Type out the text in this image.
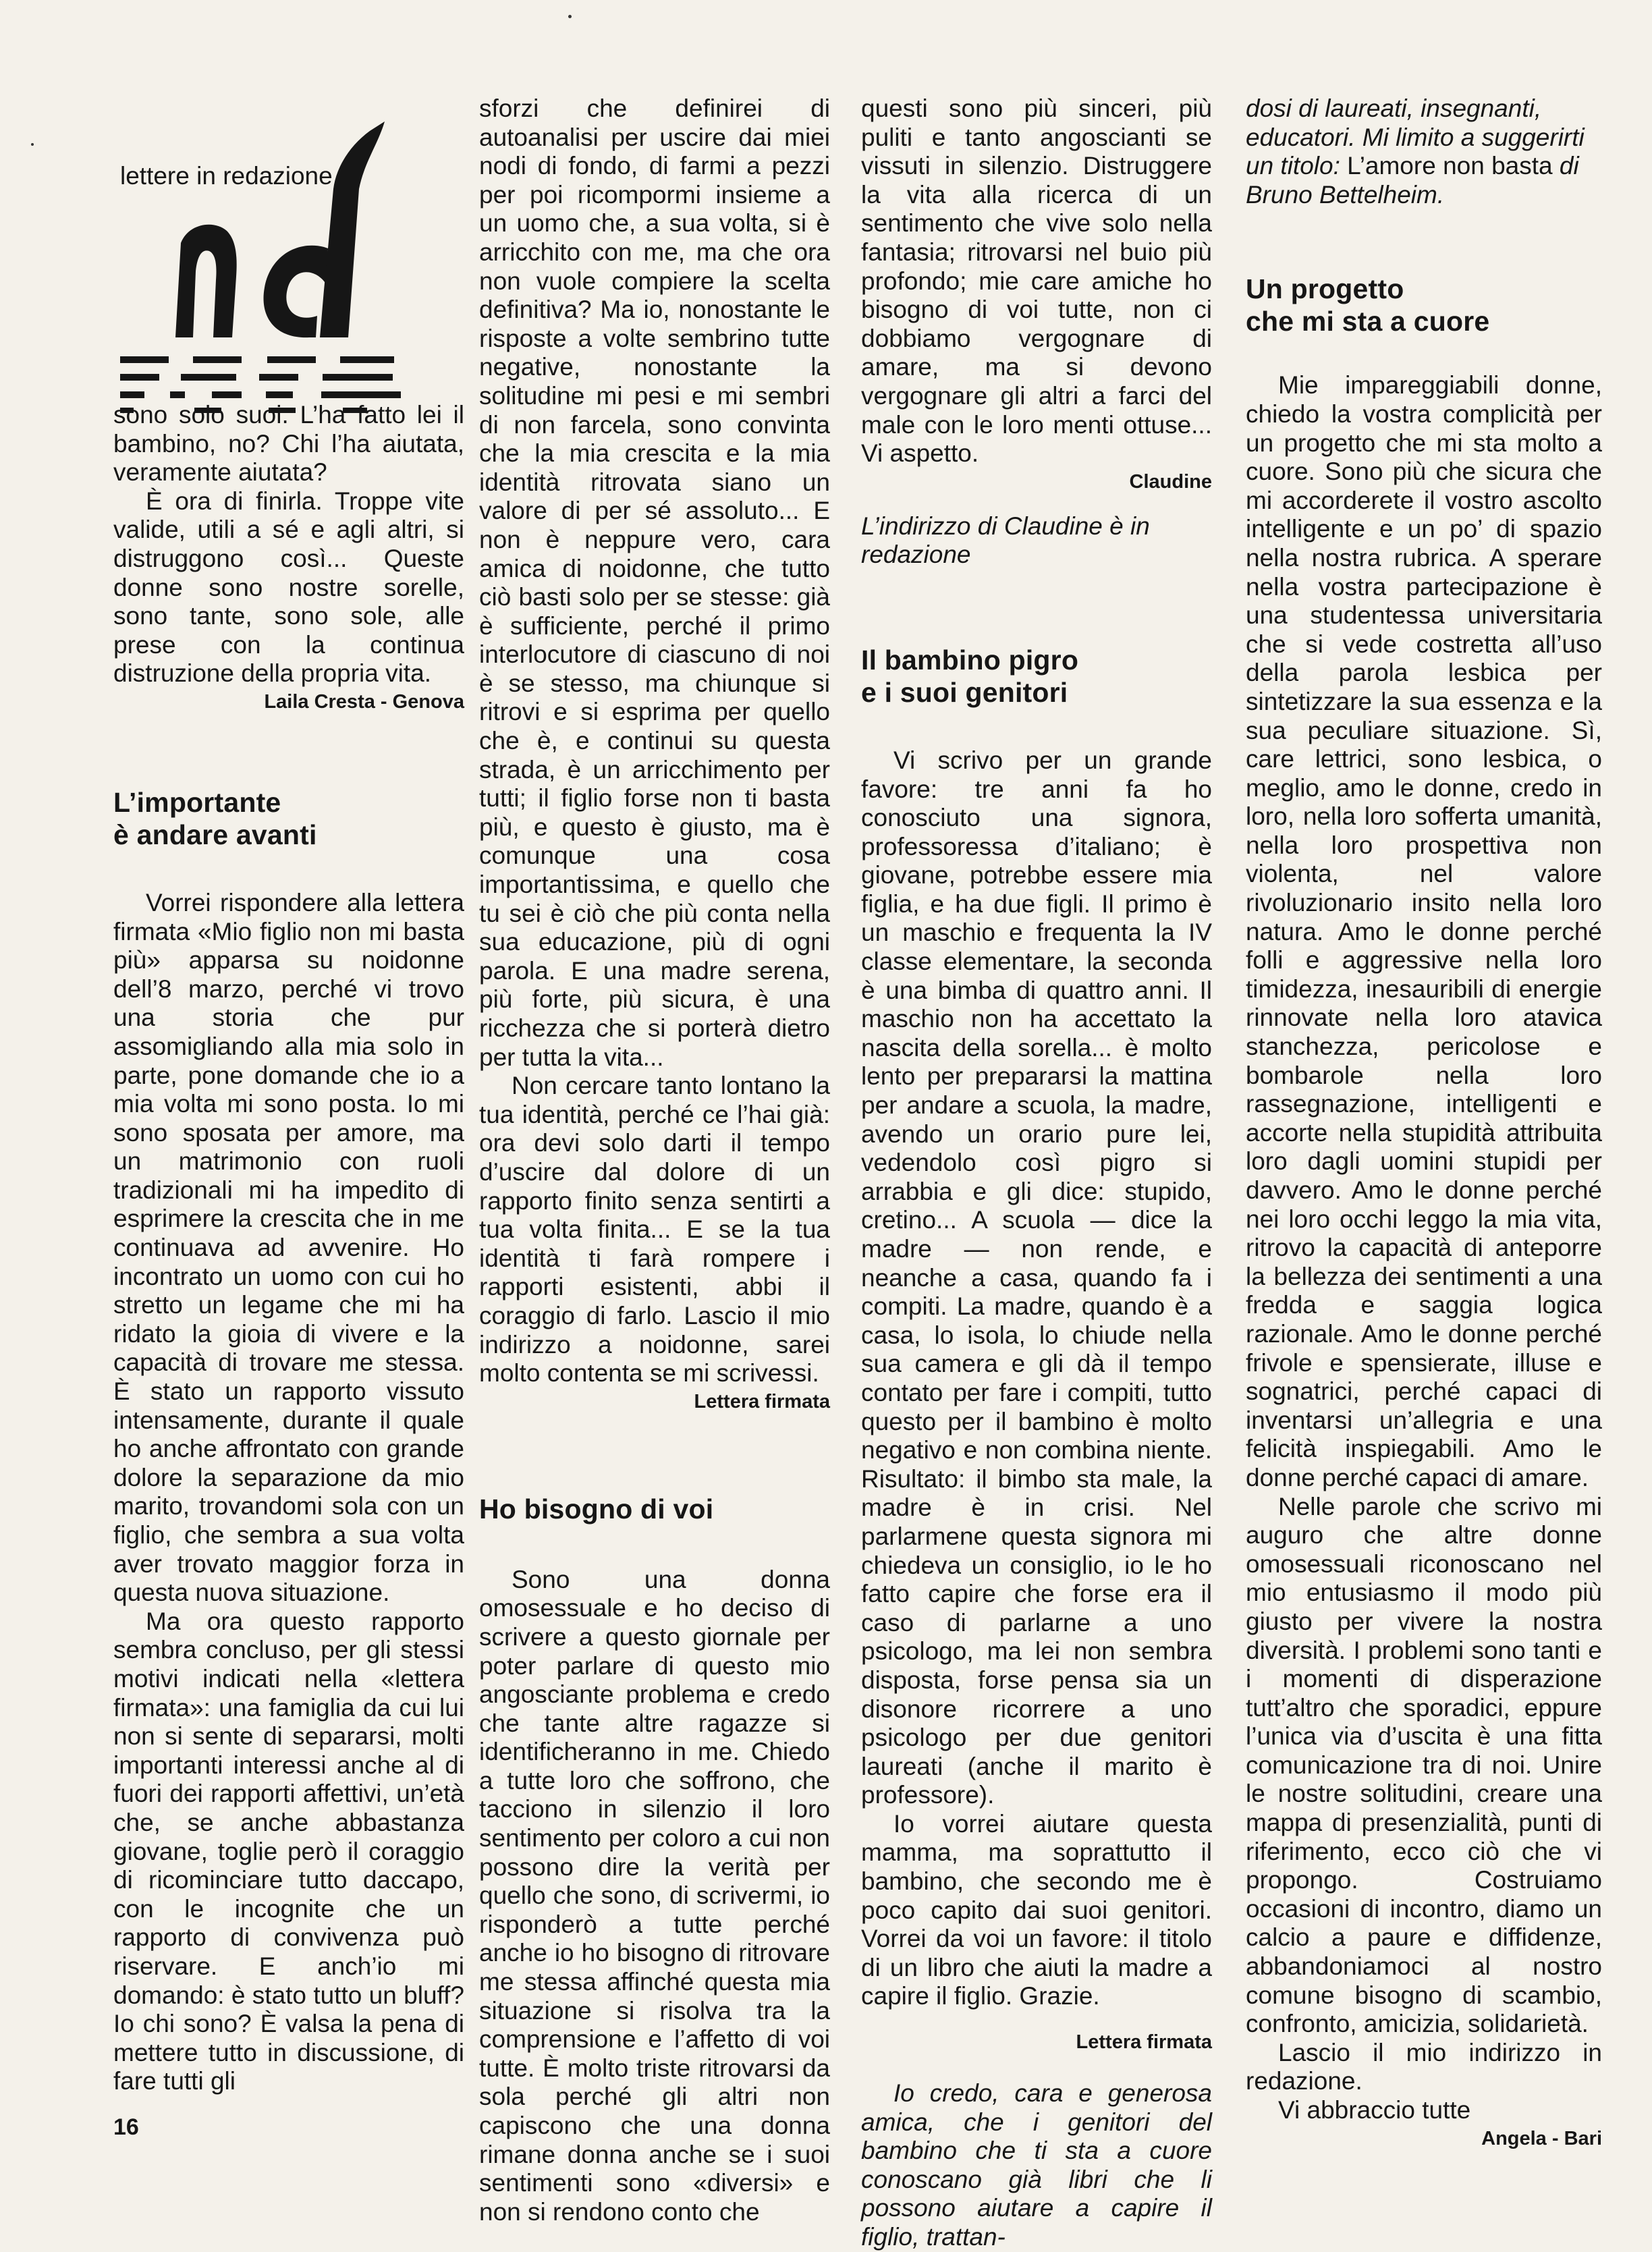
lettere in redazione

sono solo suoi. L’ha fatto lei il bambino, no? Chi l’ha aiutata, veramente aiutata?

È ora di finirla. Troppe vite valide, utili a sé e agli altri, si distruggono così... Queste donne sono nostre sorelle, sono tante, sono sole, alle prese con la continua distruzione della propria vita.

Laila Cresta - Genova
L’importante
è andare avanti

Vorrei rispondere alla lettera firmata «Mio figlio non mi basta più» apparsa su noidonne dell’8 marzo, perché vi trovo una storia che pur assomigliando alla mia solo in parte, pone domande che io a mia volta mi sono posta. Io mi sono sposata per amore, ma un matrimonio con ruoli tradizionali mi ha impedito di esprimere la crescita che in me continuava ad avvenire. Ho incontrato un uomo con cui ho stretto un legame che mi ha ridato la gioia di vivere e la capacità di trovare me stessa. È stato un rapporto vissuto intensamente, durante il quale ho anche affrontato con grande dolore la separazione da mio marito, trovandomi sola con un figlio, che sembra a sua volta aver trovato maggior forza in questa nuova situazione.

Ma ora questo rapporto sembra concluso, per gli stessi motivi indicati nella «lettera firmata»: una famiglia da cui lui non si sente di separarsi, molti importanti interessi anche al di fuori dei rapporti affettivi, un’età che, se anche abbastanza giovane, toglie però il coraggio di ricominciare tutto daccapo, con le incognite che un rapporto di convivenza può riservare. E anch’io mi domando: è stato tutto un bluff? Io chi sono? È valsa la pena di mettere tutto in discussione, di fare tutti gli

sforzi che definirei di autoanalisi per uscire dai miei nodi di fondo, di farmi a pezzi per poi ricompormi insieme a un uomo che, a sua volta, si è arricchito con me, ma che ora non vuole compiere la scelta definitiva? Ma io, nonostante le risposte a volte sembrino tutte negative, nonostante la solitudine mi pesi e mi sembri di non farcela, sono convinta che la mia crescita e la mia identità ritrovata siano un valore di per sé assoluto... E non è neppure vero, cara amica di noidonne, che tutto ciò basti solo per se stesse: già è sufficiente, perché il primo interlocutore di ciascuno di noi è se stesso, ma chiunque si ritrovi e si esprima per quello che è, e continui su questa strada, è un arricchimento per tutti; il figlio forse non ti basta più, e questo è giusto, ma è comunque una cosa importantissima, e quello che tu sei è ciò che più conta nella sua educazione, più di ogni parola. E una madre serena, più forte, più sicura, è una ricchezza che si porterà dietro per tutta la vita...

Non cercare tanto lontano la tua identità, perché ce l’hai già: ora devi solo darti il tempo d’uscire dal dolore di un rapporto finito senza sentirti a tua volta finita... E se la tua identità ti farà rompere i rapporti esistenti, abbi il coraggio di farlo. Lascio il mio indirizzo a noidonne, sarei molto contenta se mi scrivessi.

Lettera firmata
Ho bisogno di voi

Sono una donna omosessuale e ho deciso di scrivere a questo giornale per poter parlare di questo mio angosciante problema e credo che tante altre ragazze si identificheranno in me. Chiedo a tutte loro che soffrono, che tacciono in silenzio il loro sentimento per coloro a cui non possono dire la verità per quello che sono, di scrivermi, io risponderò a tutte perché anche io ho bisogno di ritrovare me stessa affinché questa mia situazione si risolva tra la comprensione e l’affetto di voi tutte. È molto triste ritrovarsi da sola perché gli altri non capiscono che una donna rimane donna anche se i suoi sentimenti sono «diversi» e non si rendono conto che

questi sono più sinceri, più puliti e tanto angoscianti se vissuti in silenzio. Distruggere la vita alla ricerca di un sentimento che vive solo nella fantasia; ritrovarsi nel buio più profondo; mie care amiche ho bisogno di voi tutte, non ci dobbiamo vergognare di amare, ma si devono vergognare gli altri a farci del male con le loro menti ottuse... Vi aspetto.

Claudine

L’indirizzo di Claudine è in redazione

Il bambino pigro
e i suoi genitori

Vi scrivo per un grande favore: tre anni fa ho conosciuto una signora, professoressa d’italiano; è giovane, potrebbe essere mia figlia, e ha due figli. Il primo è un maschio e frequenta la IV classe elementare, la seconda è una bimba di quattro anni. Il maschio non ha accettato la nascita della sorella... è molto lento per prepararsi la mattina per andare a scuola, la madre, avendo un orario pure lei, vedendolo così pigro si arrabbia e gli dice: stupido, cretino... A scuola — dice la madre — non rende, e neanche a casa, quando fa i compiti. La madre, quando è a casa, lo isola, lo chiude nella sua camera e gli dà il tempo contato per fare i compiti, tutto questo per il bambino è molto negativo e non combina niente. Risultato: il bimbo sta male, la madre è in crisi. Nel parlarmene questa signora mi chiedeva un consiglio, io le ho fatto capire che forse era il caso di parlarne a uno psicologo, ma lei non sembra disposta, forse pensa sia un disonore ricorrere a uno psicologo per due genitori laureati (anche il marito è professore).

Io vorrei aiutare questa mamma, ma soprattutto il bambino, che secondo me è poco capito dai suoi genitori. Vorrei da voi un favore: il titolo di un libro che aiuti la madre a capire il figlio. Grazie.

Lettera firmata

Io credo, cara e generosa amica, che i genitori del bambino che ti sta a cuore conoscano già libri che li possono aiutare a capire il figlio, trattan-

dosi di laureati, insegnanti, educatori. Mi limito a suggerirti un titolo: L’amore non basta di Bruno Bettelheim.

Un progetto
che mi sta a cuore

Mie impareggiabili donne, chiedo la vostra complicità per un progetto che mi sta molto a cuore. Sono più che sicura che mi accorderete il vostro ascolto intelligente e un po’ di spazio nella nostra rubrica. A sperare nella vostra partecipazione è una studentessa universitaria che si vede costretta all’uso della parola lesbica per sintetizzare la sua essenza e la sua peculiare situazione. Sì, care lettrici, sono lesbica, o meglio, amo le donne, credo in loro, nella loro sofferta umanità, nella loro prospettiva non violenta, nel valore rivoluzionario insito nella loro natura. Amo le donne perché folli e aggressive nella loro timidezza, inesauribili di energie rinnovate nella loro atavica stanchezza, pericolose e bombarole nella loro rassegnazione, intelligenti e accorte nella stupidità attribuita loro dagli uomini stupidi per davvero. Amo le donne perché nei loro occhi leggo la mia vita, ritrovo la capacità di anteporre la bellezza dei sentimenti a una fredda e saggia logica razionale. Amo le donne perché frivole e spensierate, illuse e sognatrici, perché capaci di inventarsi un’allegria e una felicità inspiegabili. Amo le donne perché capaci di amare.

Nelle parole che scrivo mi auguro che altre donne omosessuali riconoscano nel mio entusiasmo il modo più giusto per vivere la nostra diversità. I problemi sono tanti e i momenti di disperazione tutt’altro che sporadici, eppure l’unica via d’uscita è una fitta comunicazione tra di noi. Unire le nostre solitudini, creare una mappa di presenzialità, punti di riferimento, ecco ciò che vi propongo. Costruiamo occasioni di incontro, diamo un calcio a paure e diffidenze, abbandoniamoci al nostro comune bisogno di scambio, confronto, amicizia, solidarietà.

Lascio il mio indirizzo in redazione.

Vi abbraccio tutte

Angela - Bari
16
